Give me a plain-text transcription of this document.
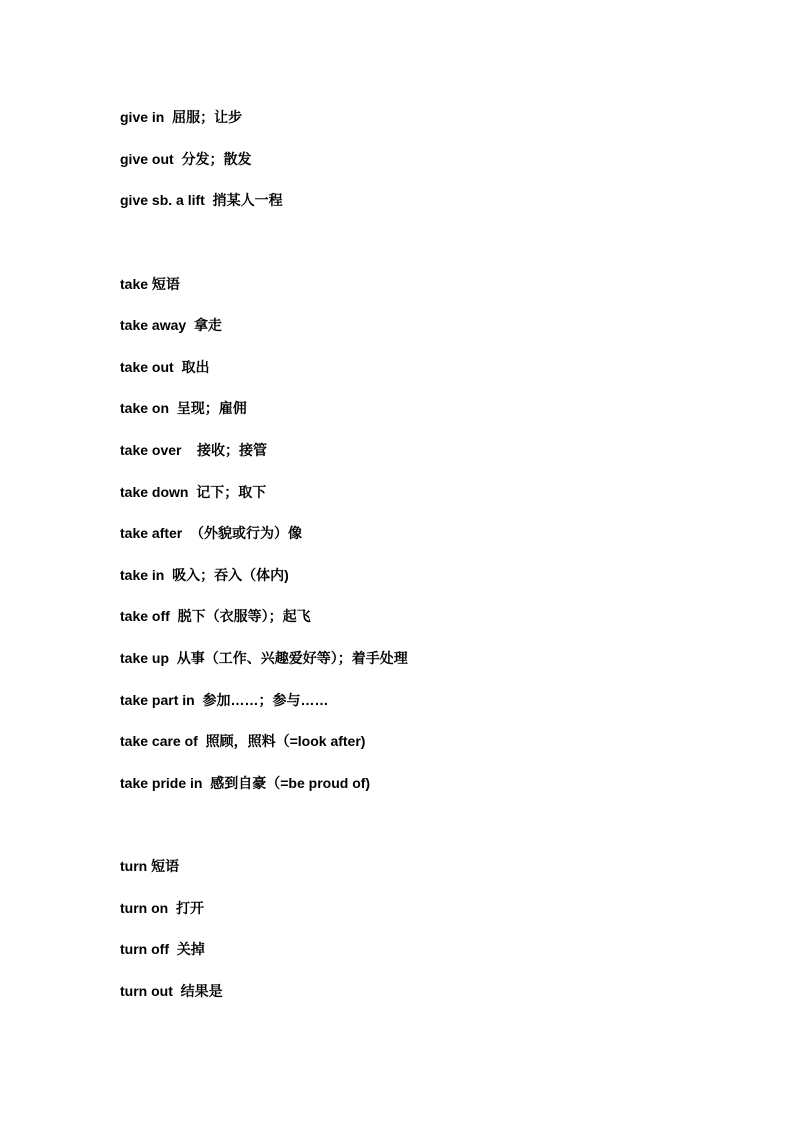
give in  屈服；让步
give out  分发；散发
give sb. a lift  捎某人一程
take 短语
take away  拿走
take out  取出
take on  呈现；雇佣
take over    接收；接管
take down  记下；取下
take after  （外貌或行为）像
take in  吸入；吞入（体内)
take off  脱下（衣服等）；起飞
take up  从事（工作、兴趣爱好等）；着手处理
take part in  参加……；参与……
take care of  照顾，照料（=look after)
take pride in  感到自豪（=be proud of)
turn 短语
turn on  打开
turn off  关掉
turn out  结果是
